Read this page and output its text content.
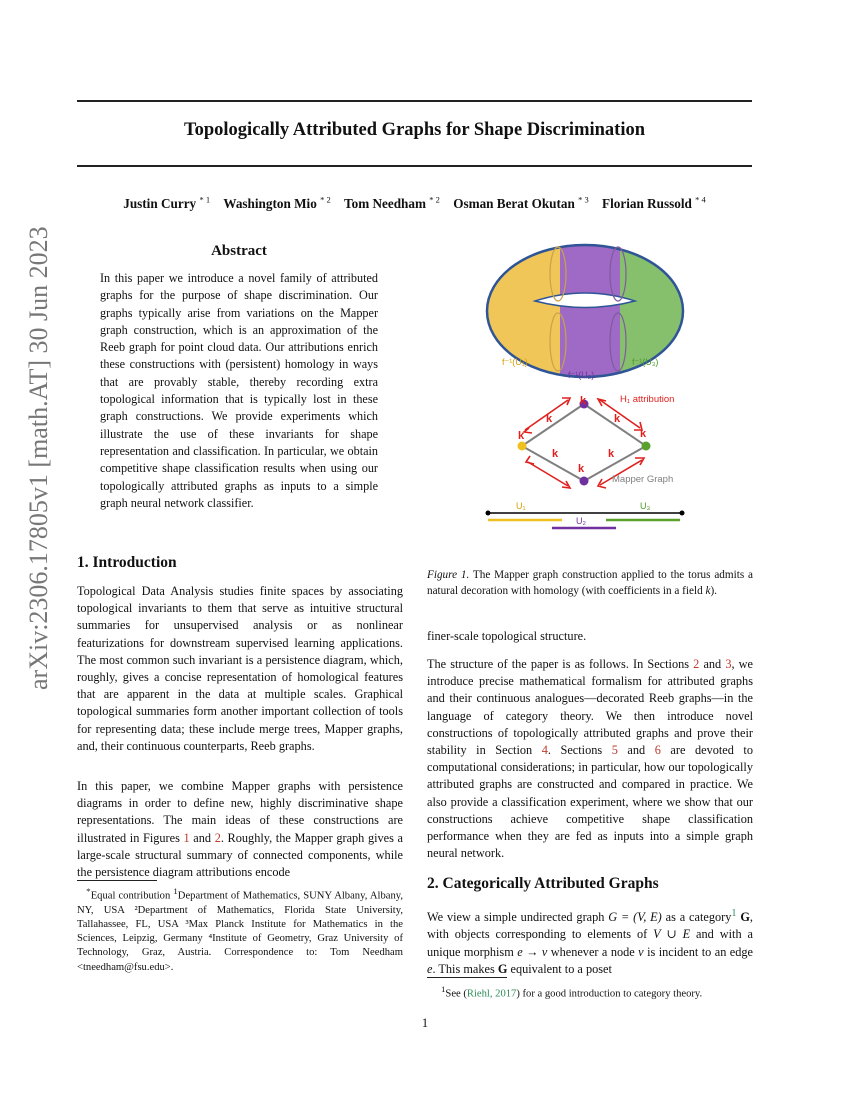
Topologically Attributed Graphs for Shape Discrimination
Justin Curry $^{* 1}$ Washington Mio $^{* 2}$ Tom Needham $^{* 2}$ Osman Berat Okutan $^{* 3}$ Florian Russold $^{* 4}$
arXiv:2306.17805v1 [math.AT] 30 Jun 2023	Abstract
In this paper we introduce a novel family of attributed graphs for the purpose of shape discrimination. Our graphs typically arise from variations on the Mapper graph construction, which is an approximation of the Reeb graph for point cloud data. Our attributions enrich these constructions with (persistent) homology in ways that are provably stable, thereby recording extra topological information that is typically lost in these graph constructions. We provide experiments which illustrate the use of these invariants for shape representation and classification. In particular, we obtain competitive shape classification results when using our topologically attributed graphs as inputs to a simple graph neural network classifier.
f⁻¹(U₁)
f⁻¹(U₂)
f⁻¹(U₃)
k
k	k
k	k
k	k
k
H₁ attribution
Mapper Graph
U₁	U₃
U₂
Figure 1. The Mapper graph construction applied to the torus admits a natural decoration with homology (with coefficients in a field k).
1. Introduction
Topological Data Analysis studies finite spaces by associating topological invariants to them that serve as intuitive structural summaries for unsupervised analysis or as nonlinear featurizations for downstream supervised learning applications. The most common such invariant is a persistence diagram, which, roughly, gives a concise representation of homological features that are apparent in the data at multiple scales. Graphical topological summaries form another important collection of tools for representing data; these include merge trees, Mapper graphs, and, their continuous counterparts, Reeb graphs.
In this paper, we combine Mapper graphs with persistence diagrams in order to define new, highly discriminative shape representations. The main ideas of these constructions are illustrated in Figures 1 and 2. Roughly, the Mapper graph gives a large-scale structural summary of connected components, while the persistence diagram attributions encode
*Equal contribution $^1$Department of Mathematics, SUNY Albany, Albany, NY, USA ²Department of Mathematics, Florida State University, Tallahassee, FL, USA ³Max Planck Institute for Mathematics in the Sciences, Leipzig, Germany ⁴Institute of Geometry, Graz University of Technology, Graz, Austria. Correspondence to: Tom Needham <tneedham@fsu.edu>.
finer-scale topological structure.
The structure of the paper is as follows. In Sections 2 and 3, we introduce precise mathematical formalism for attributed graphs and their continuous analogues—decorated Reeb graphs—in the language of category theory. We then introduce novel constructions of topologically attributed graphs and prove their stability in Section 4. Sections 5 and 6 are devoted to computational considerations; in particular, how our topologically attributed graphs are constructed and compared in practice. We also provide a classification experiment, where we show that our constructions achieve competitive shape classification performance when they are fed as inputs into a simple graph neural network.
2. Categorically Attributed Graphs
We view a simple undirected graph G = (V, E) as a category$^1$ G, with objects corresponding to elements of V ∪ E and with a unique morphism e → v whenever a node v is incident to an edge e. This makes G equivalent to a poset
$^1$See (Riehl, 2017) for a good introduction to category theory.
1
